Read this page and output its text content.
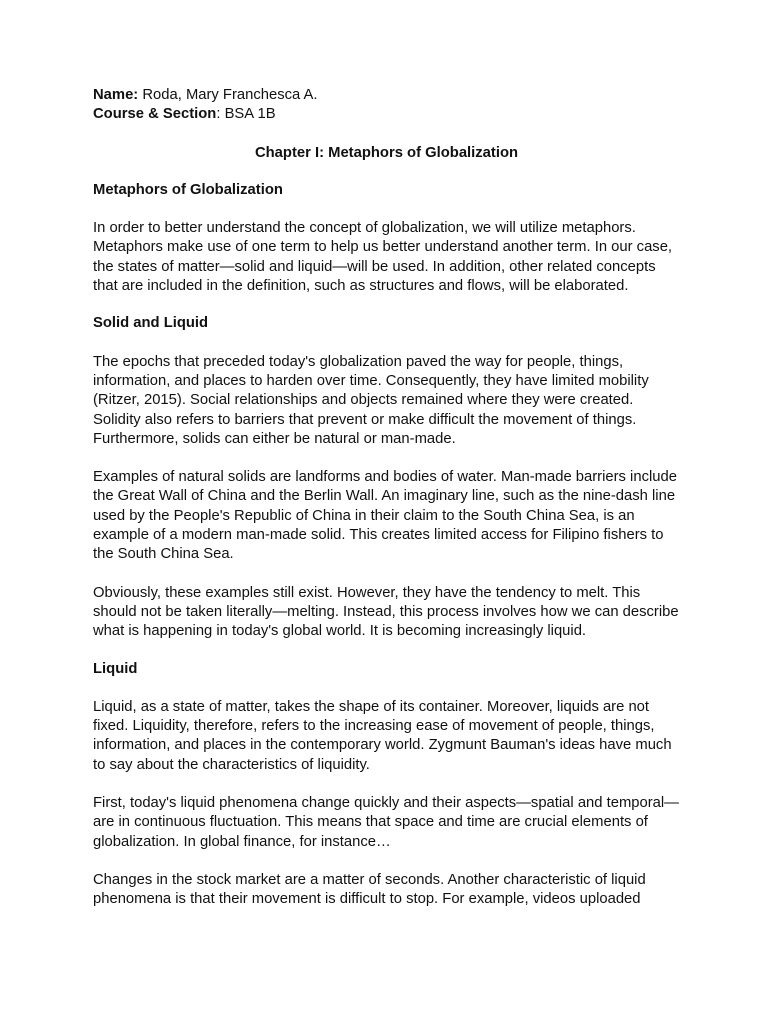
Name: Roda, Mary Franchesca A.
Course & Section: BSA 1B
Chapter I: Metaphors of Globalization
Metaphors of Globalization

In order to better understand the concept of globalization, we will utilize metaphors. Metaphors make use of one term to help us better understand another term. In our case, the states of matter—solid and liquid—will be used. In addition, other related concepts that are included in the definition, such as structures and flows, will be elaborated.

Solid and Liquid

The epochs that preceded today's globalization paved the way for people, things, information, and places to harden over time. Consequently, they have limited mobility (Ritzer, 2015). Social relationships and objects remained where they were created. Solidity also refers to barriers that prevent or make difficult the movement of things. Furthermore, solids can either be natural or man-made.

Examples of natural solids are landforms and bodies of water. Man-made barriers include the Great Wall of China and the Berlin Wall. An imaginary line, such as the nine-dash line used by the People's Republic of China in their claim to the South China Sea, is an example of a modern man-made solid. This creates limited access for Filipino fishers to the South China Sea.

Obviously, these examples still exist. However, they have the tendency to melt. This should not be taken literally—melting. Instead, this process involves how we can describe what is happening in today's global world. It is becoming increasingly liquid.

Liquid

Liquid, as a state of matter, takes the shape of its container. Moreover, liquids are not fixed. Liquidity, therefore, refers to the increasing ease of movement of people, things, information, and places in the contemporary world. Zygmunt Bauman's ideas have much to say about the characteristics of liquidity.

First, today's liquid phenomena change quickly and their aspects—spatial and temporal—are in continuous fluctuation. This means that space and time are crucial elements of globalization. In global finance, for instance…

Changes in the stock market are a matter of seconds. Another characteristic of liquid phenomena is that their movement is difficult to stop. For example, videos uploaded
